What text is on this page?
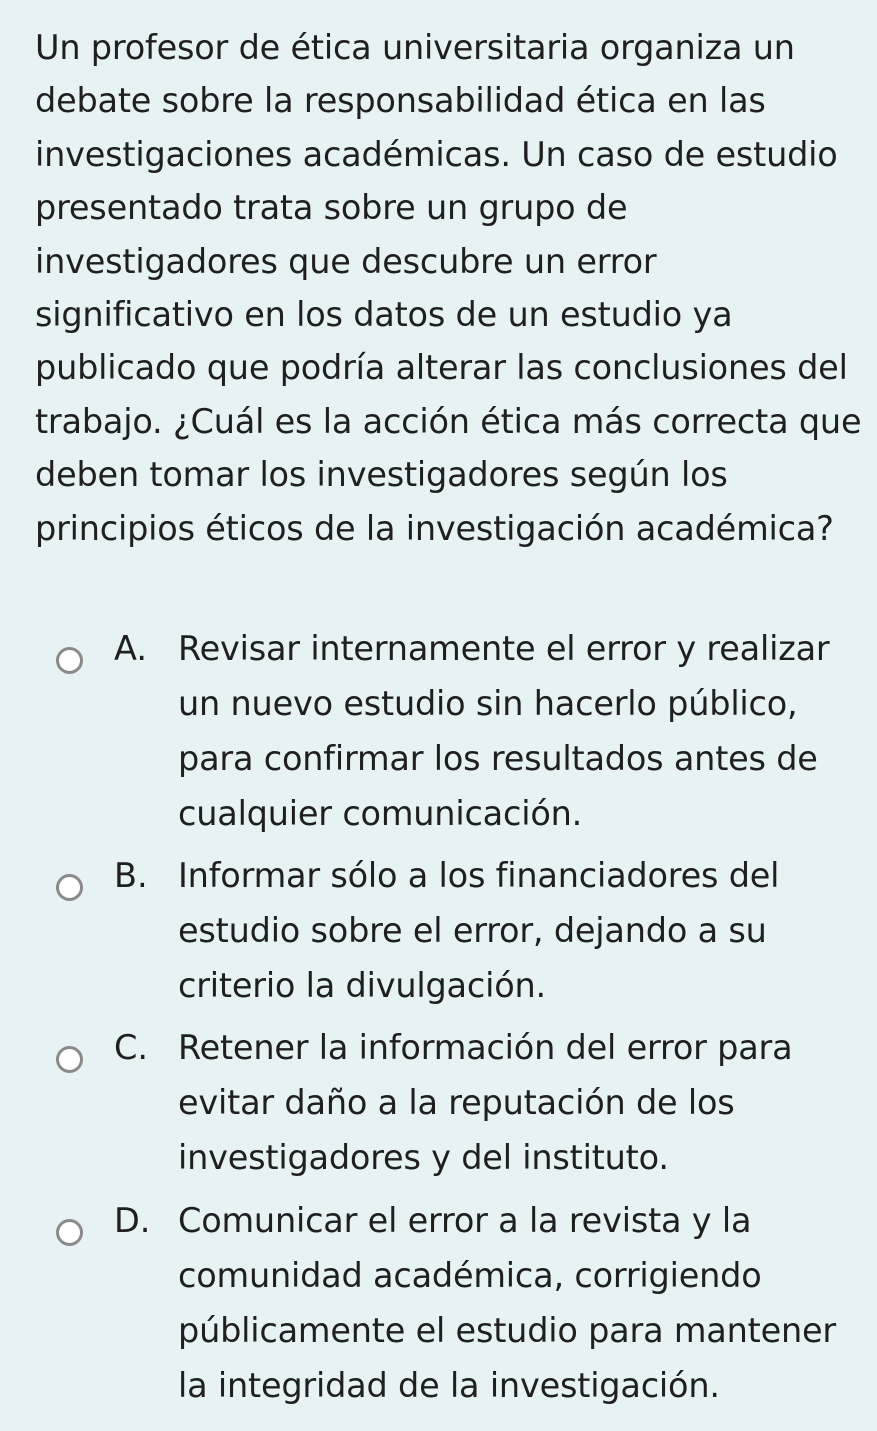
Un profesor de ética universitaria organiza un debate sobre la responsabilidad ética en las investigaciones académicas. Un caso de estudio presentado trata sobre un grupo de investigadores que descubre un error significativo en los datos de un estudio ya publicado que podría alterar las conclusiones del trabajo. ¿Cuál es la acción ética más correcta que deben tomar los investigadores según los principios éticos de la investigación académica?

A. Revisar internamente el error y realizar un nuevo estudio sin hacerlo público, para confirmar los resultados antes de cualquier comunicación.
B. Informar sólo a los financiadores del estudio sobre el error, dejando a su criterio la divulgación.
C. Retener la información del error para evitar daño a la reputación de los investigadores y del instituto.
D. Comunicar el error a la revista y la comunidad académica, corrigiendo públicamente el estudio para mantener la integridad de la investigación.
